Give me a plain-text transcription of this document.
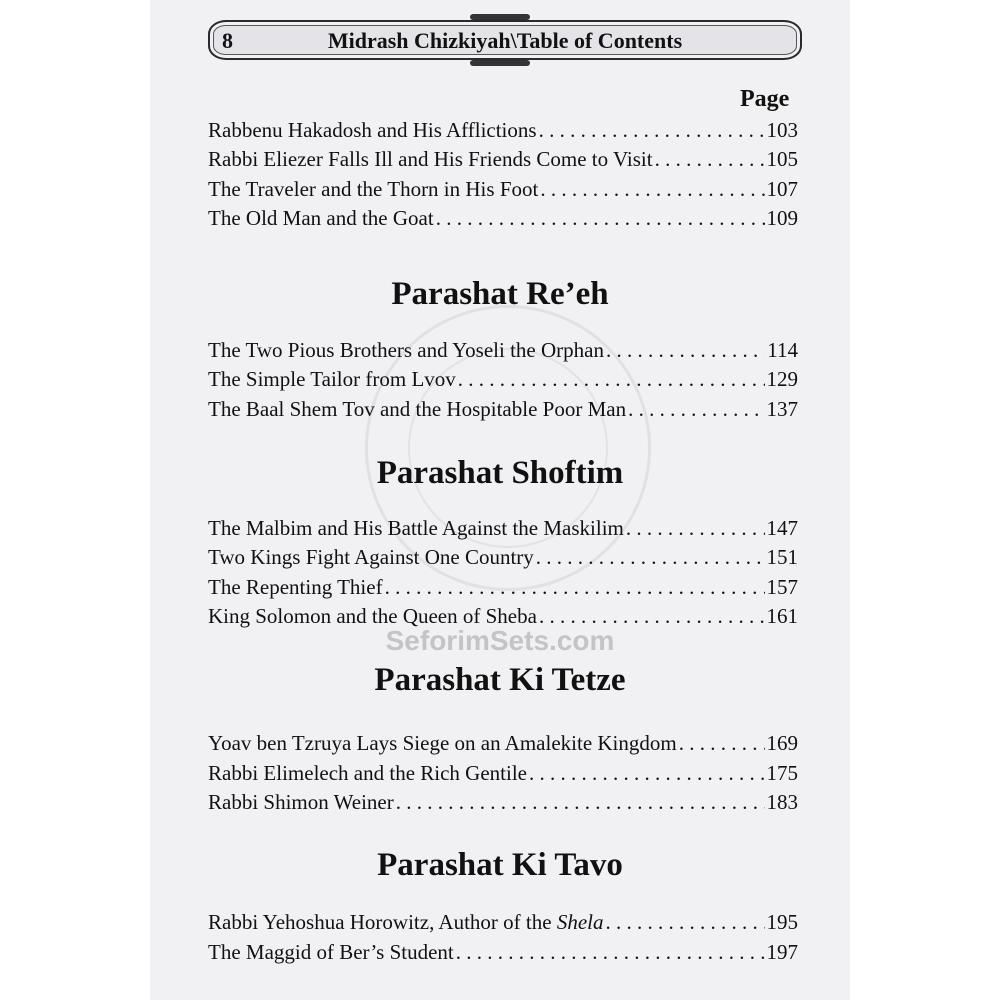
SeforimSets.com
8	Midrash Chizkiyah\Table of Contents
Page
Rabbenu Hakadosh and His Afflictions . . .	103
Rabbi Eliezer Falls Ill and His Friends Come to Visit . . .	105
The Traveler and the Thorn in His Foot . . .	107
The Old Man and the Goat . . .	109
Parashat Re’eh
The Two Pious Brothers and Yoseli the Orphan . . .	114
The Simple Tailor from Lvov . . .	129
The Baal Shem Tov and the Hospitable Poor Man . . .	137
Parashat Shoftim
The Malbim and His Battle Against the Maskilim . . .	147
Two Kings Fight Against One Country . . .	151
The Repenting Thief . . .	157
King Solomon and the Queen of Sheba . . .	161
Parashat Ki Tetze
Yoav ben Tzruya Lays Siege on an Amalekite Kingdom . . .	169
Rabbi Elimelech and the Rich Gentile . . .	175
Rabbi Shimon Weiner . . .	183
Parashat Ki Tavo
Rabbi Yehoshua Horowitz, Author of the Shela . . .	195
The Maggid of Ber’s Student . . .	197
